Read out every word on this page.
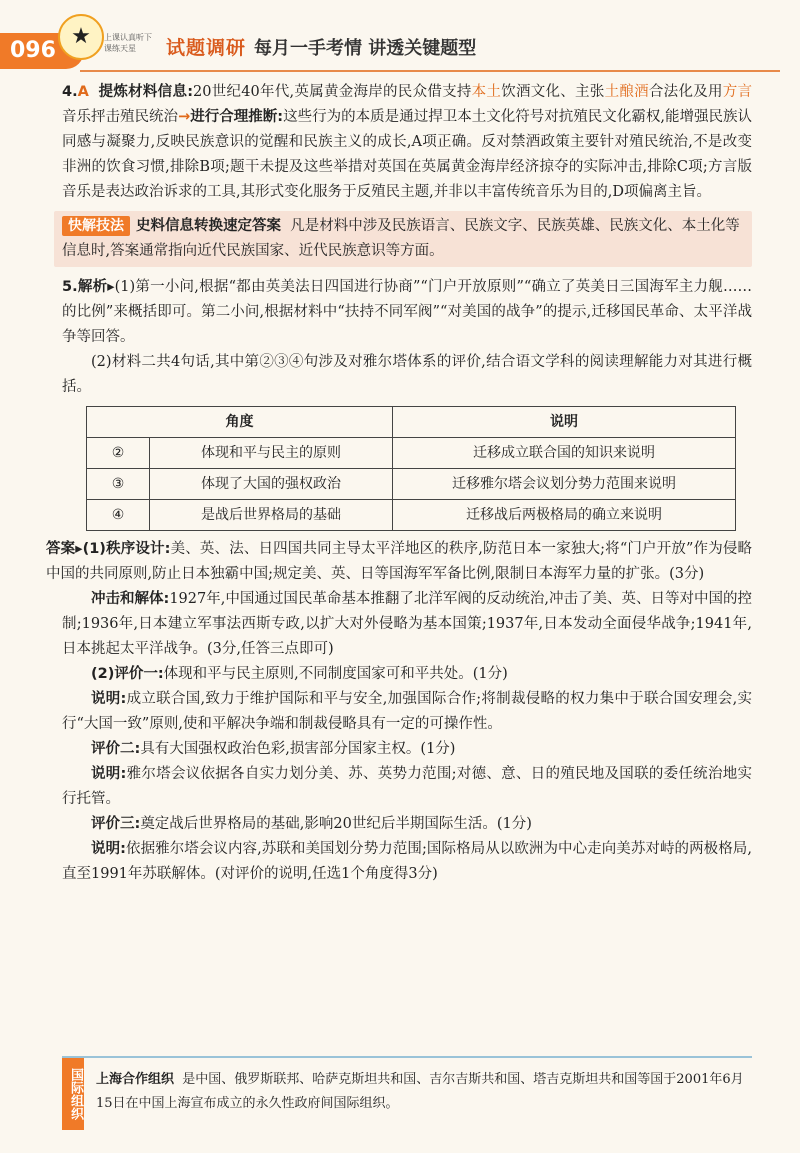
096
★	上课认真听下课练天星	试题调研 每月一手考情 讲透关键题型

4.A 提炼材料信息:20世纪40年代,英属黄金海岸的民众借支持本土饮酒文化、主张土酿酒合法化及用方言音乐抨击殖民统治→进行合理推断:这些行为的本质是通过捍卫本土文化符号对抗殖民文化霸权,能增强民族认同感与凝聚力,反映民族意识的觉醒和民族主义的成长,A项正确。反对禁酒政策主要针对殖民统治,不是改变非洲的饮食习惯,排除B项;题干未提及这些举措对英国在英属黄金海岸经济掠夺的实际冲击,排除C项;方言版音乐是表达政治诉求的工具,其形式变化服务于反殖民主题,并非以丰富传统音乐为目的,D项偏离主旨。

快解技法 史料信息转换速定答案 凡是材料中涉及民族语言、民族文字、民族英雄、民族文化、本土化等信息时,答案通常指向近代民族国家、近代民族意识等方面。

5.解析▸(1)第一小问,根据“都由英美法日四国进行协商”“门户开放原则”“确立了英美日三国海军主力舰……的比例”来概括即可。第二小问,根据材料中“扶持不同军阀”“对美国的战争”的提示,迁移国民革命、太平洋战争等回答。

(2)材料二共4句话,其中第②③④句涉及对雅尔塔体系的评价,结合语文学科的阅读理解能力对其进行概括。

角度		说明
②	体现和平与民主的原则	迁移成立联合国的知识来说明
③	体现了大国的强权政治	迁移雅尔塔会议划分势力范围来说明
④	是战后世界格局的基础	迁移战后两极格局的确立来说明

答案▸(1)秩序设计:美、英、法、日四国共同主导太平洋地区的秩序,防范日本一家独大;将“门户开放”作为侵略中国的共同原则,防止日本独霸中国;规定美、英、日等国海军军备比例,限制日本海军力量的扩张。(3分)

冲击和解体:1927年,中国通过国民革命基本推翻了北洋军阀的反动统治,冲击了美、英、日等对中国的控制;1936年,日本建立军事法西斯专政,以扩大对外侵略为基本国策;1937年,日本发动全面侵华战争;1941年,日本挑起太平洋战争。(3分,任答三点即可)

(2)评价一:体现和平与民主原则,不同制度国家可和平共处。(1分)

说明:成立联合国,致力于维护国际和平与安全,加强国际合作;将制裁侵略的权力集中于联合国安理会,实行“大国一致”原则,使和平解决争端和制裁侵略具有一定的可操作性。

评价二:具有大国强权政治色彩,损害部分国家主权。(1分)

说明:雅尔塔会议依据各自实力划分美、苏、英势力范围;对德、意、日的殖民地及国联的委任统治地实行托管。

评价三:奠定战后世界格局的基础,影响20世纪后半期国际生活。(1分)

说明:依据雅尔塔会议内容,苏联和美国划分势力范围;国际格局从以欧洲为中心走向美苏对峙的两极格局,直至1991年苏联解体。(对评价的说明,任选1个角度得3分)

国际组织 上海合作组织 是中国、俄罗斯联邦、哈萨克斯坦共和国、吉尔吉斯共和国、塔吉克斯坦共和国等国于2001年6月15日在中国上海宣布成立的永久性政府间国际组织。
